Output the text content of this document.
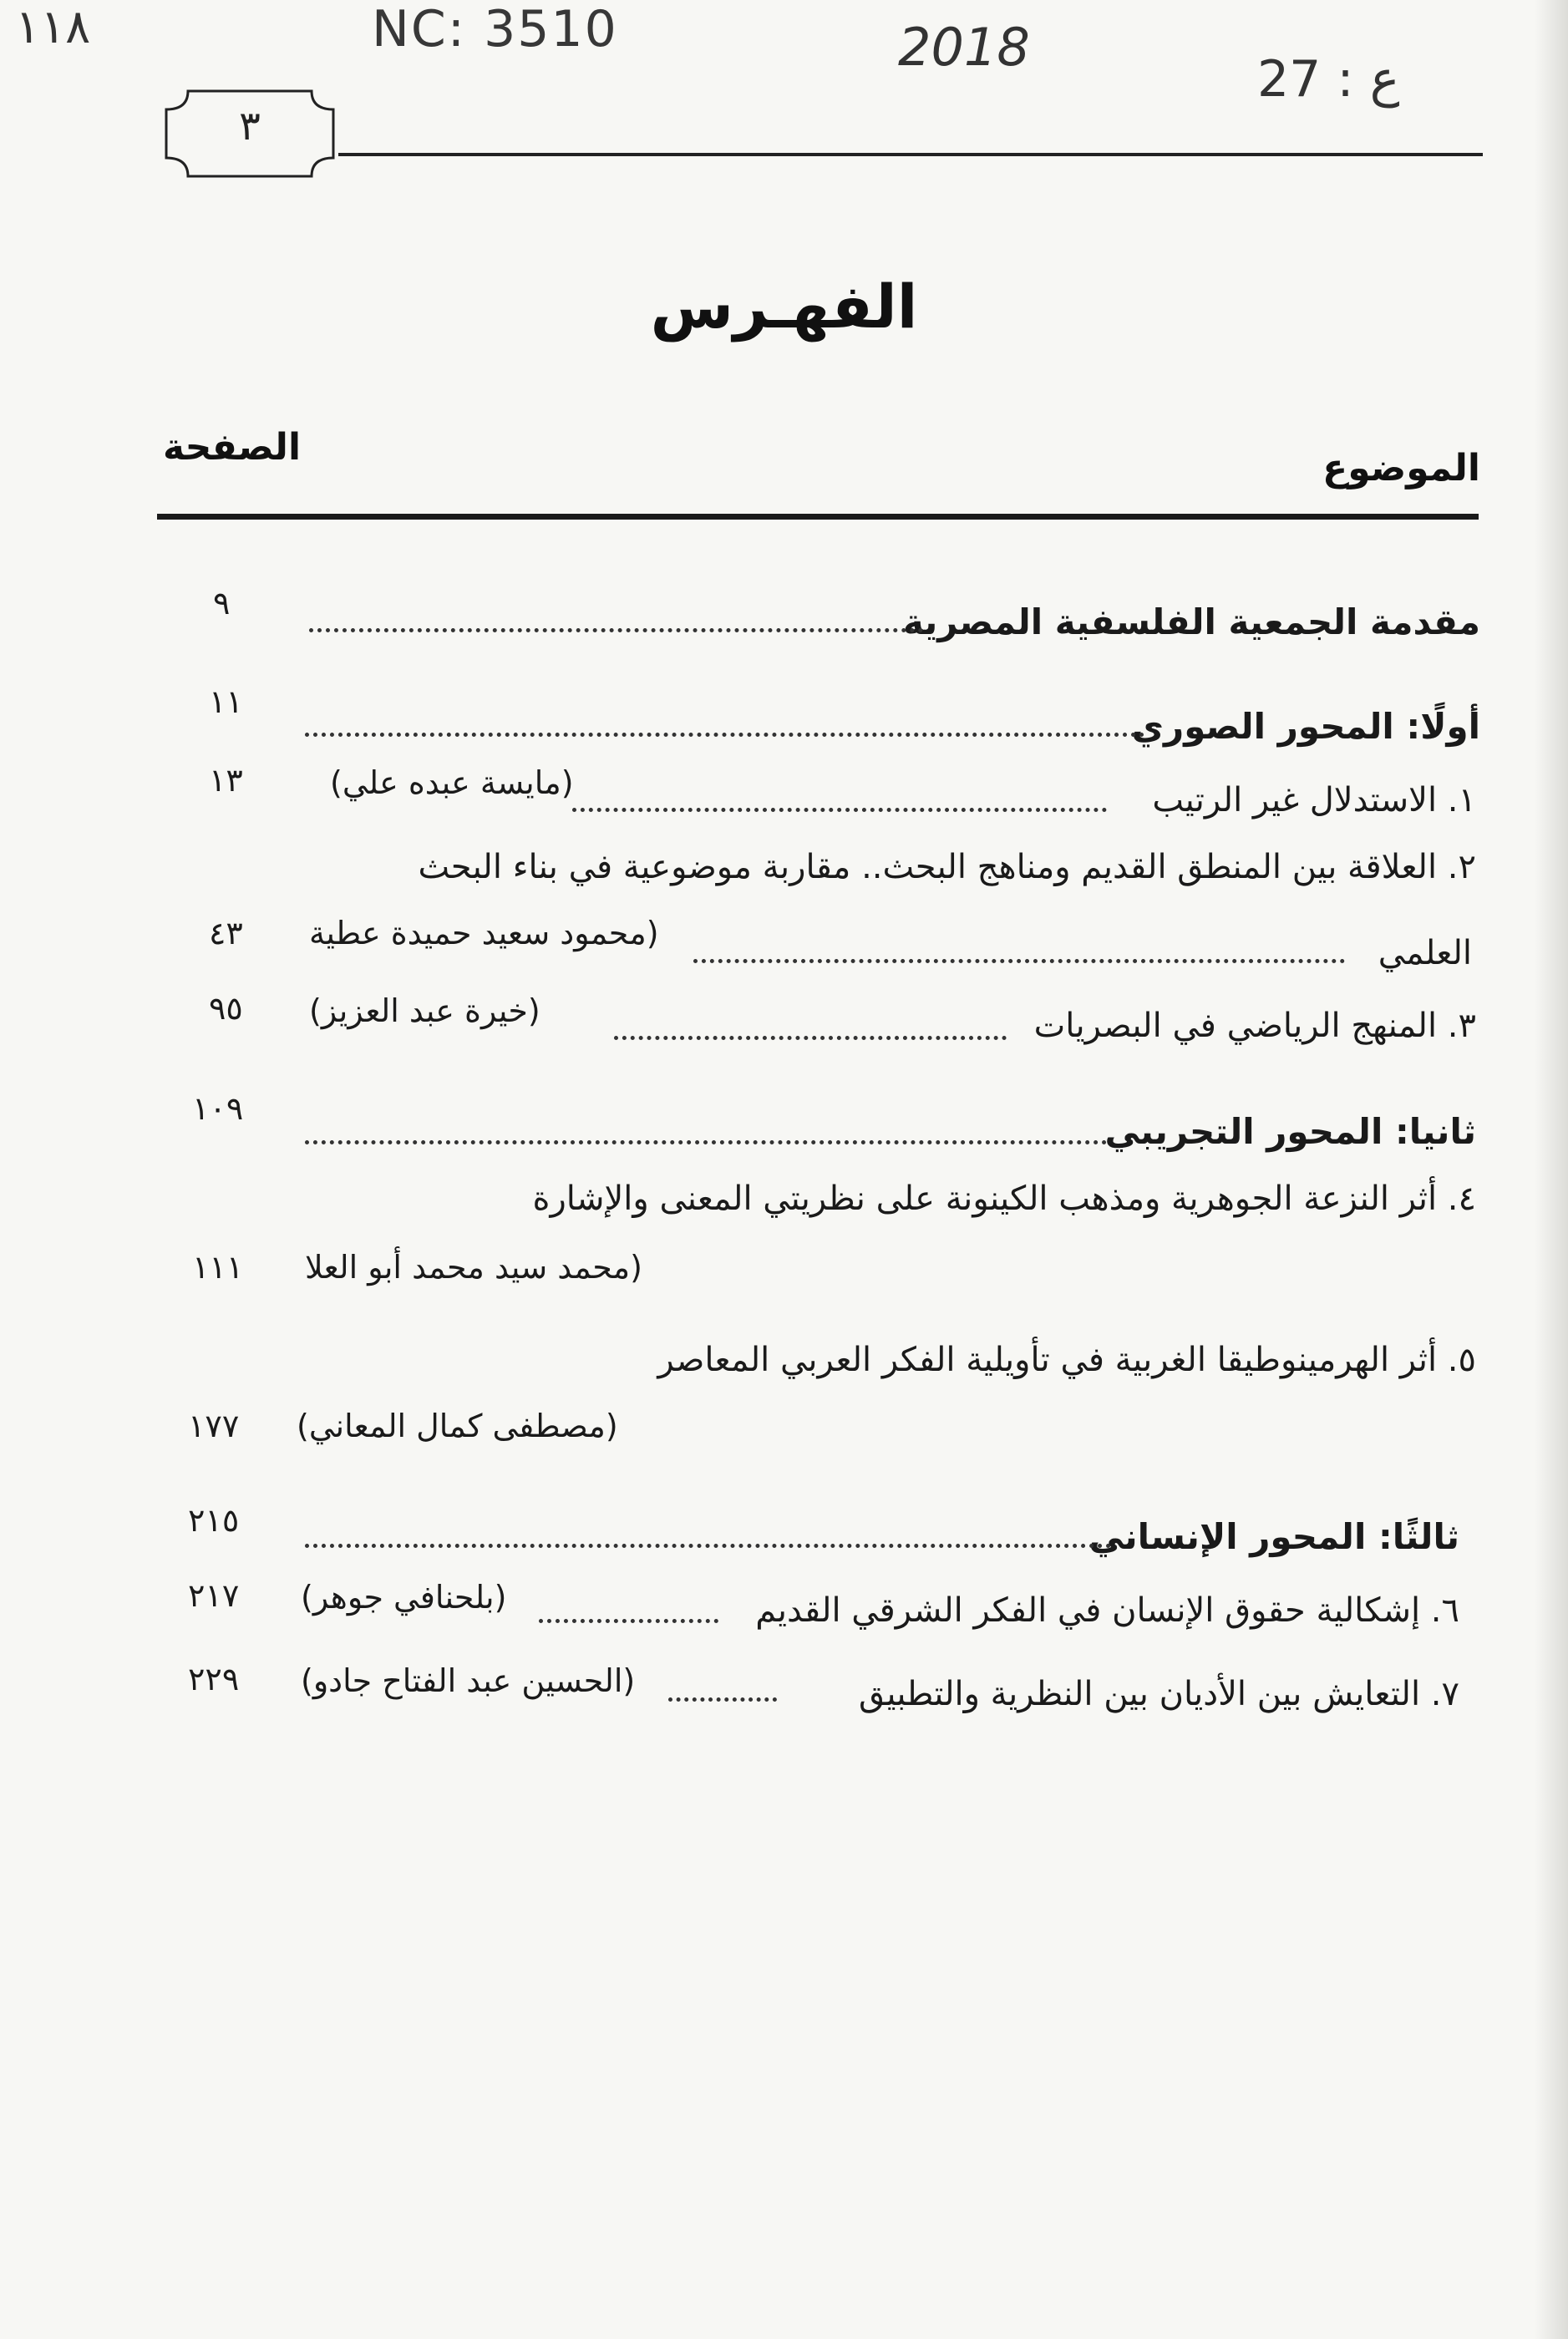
١١٨	NC: 3510	2018
ع : 27
٣
الفهـرس
الموضوع
الصفحة
مقدمة الجمعية الفلسفية المصرية
٩
أولًا: المحور الصوري
١١
١. الاستدلال غير الرتيب
(مايسة عبده علي)
١٣
٢. العلاقة بين المنطق القديم ومناهج البحث.. مقاربة موضوعية في بناء البحث
العلمي
(محمود سعيد حميدة عطية
٤٣
٣. المنهج الرياضي في البصريات
(خيرة عبد العزيز)
٩٥
ثانيا: المحور التجريبي
١٠٩
٤. أثر النزعة الجوهرية ومذهب الكينونة على نظريتي المعنى والإشارة
(محمد سيد محمد أبو العلا
١١١
٥. أثر الهرمينوطيقا الغربية في تأويلية الفكر العربي المعاصر
(مصطفى كمال المعاني)
١٧٧
ثالثًا: المحور الإنساني
٢١٥
٦. إشكالية حقوق الإنسان في الفكر الشرقي القديم
(بلحنافي جوهر)
٢١٧
٧. التعايش بين الأديان بين النظرية والتطبيق
(الحسين عبد الفتاح جادو)
٢٢٩
